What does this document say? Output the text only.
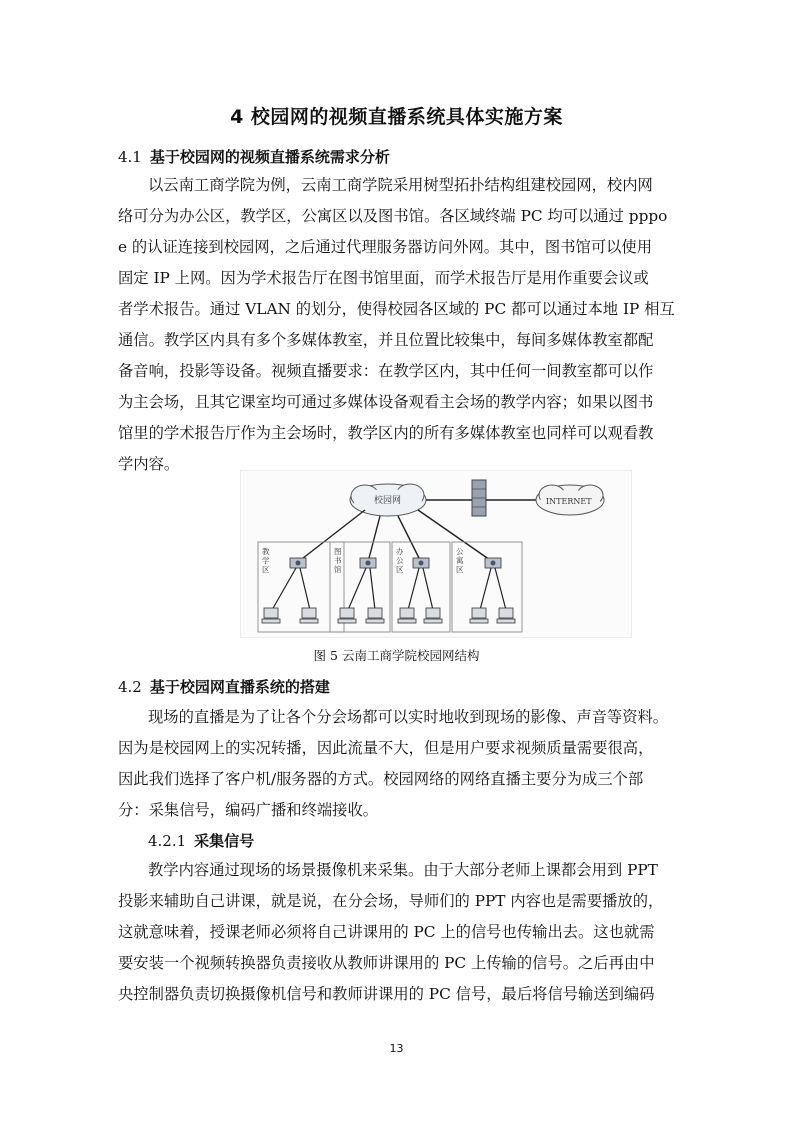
4 校园网的视频直播系统具体实施方案
4.1 基于校园网的视频直播系统需求分析
以云南工商学院为例，云南工商学院采用树型拓扑结构组建校园网，校内网
络可分为办公区，教学区，公寓区以及图书馆。各区域终端 PC 均可以通过 pppo
e 的认证连接到校园网，之后通过代理服务器访问外网。其中，图书馆可以使用
固定 IP 上网。因为学术报告厅在图书馆里面，而学术报告厅是用作重要会议或
者学术报告。通过 VLAN 的划分，使得校园各区域的 PC 都可以通过本地 IP 相互
通信。教学区内具有多个多媒体教室，并且位置比较集中，每间多媒体教室都配
备音响，投影等设备。视频直播要求：在教学区内，其中任何一间教室都可以作
为主会场，且其它课室均可通过多媒体设备观看主会场的教学内容；如果以图书
馆里的学术报告厅作为主会场时，教学区内的所有多媒体教室也同样可以观看教
学内容。
校园网	INTERNET
教
学
区
图
书
馆
办
公
区
公
寓
区
图 5 云南工商学院校园网结构
4.2 基于校园网直播系统的搭建
现场的直播是为了让各个分会场都可以实时地收到现场的影像、声音等资料。
因为是校园网上的实况转播，因此流量不大，但是用户要求视频质量需要很高，
因此我们选择了客户机/服务器的方式。校园网络的网络直播主要分为成三个部
分：采集信号，编码广播和终端接收。
4.2.1 采集信号
教学内容通过现场的场景摄像机来采集。由于大部分老师上课都会用到 PPT
投影来辅助自己讲课，就是说，在分会场，导师们的 PPT 内容也是需要播放的，
这就意味着，授课老师必须将自己讲课用的 PC 上的信号也传输出去。这也就需
要安装一个视频转换器负责接收从教师讲课用的 PC 上传输的信号。之后再由中
央控制器负责切换摄像机信号和教师讲课用的 PC 信号，最后将信号输送到编码
13
